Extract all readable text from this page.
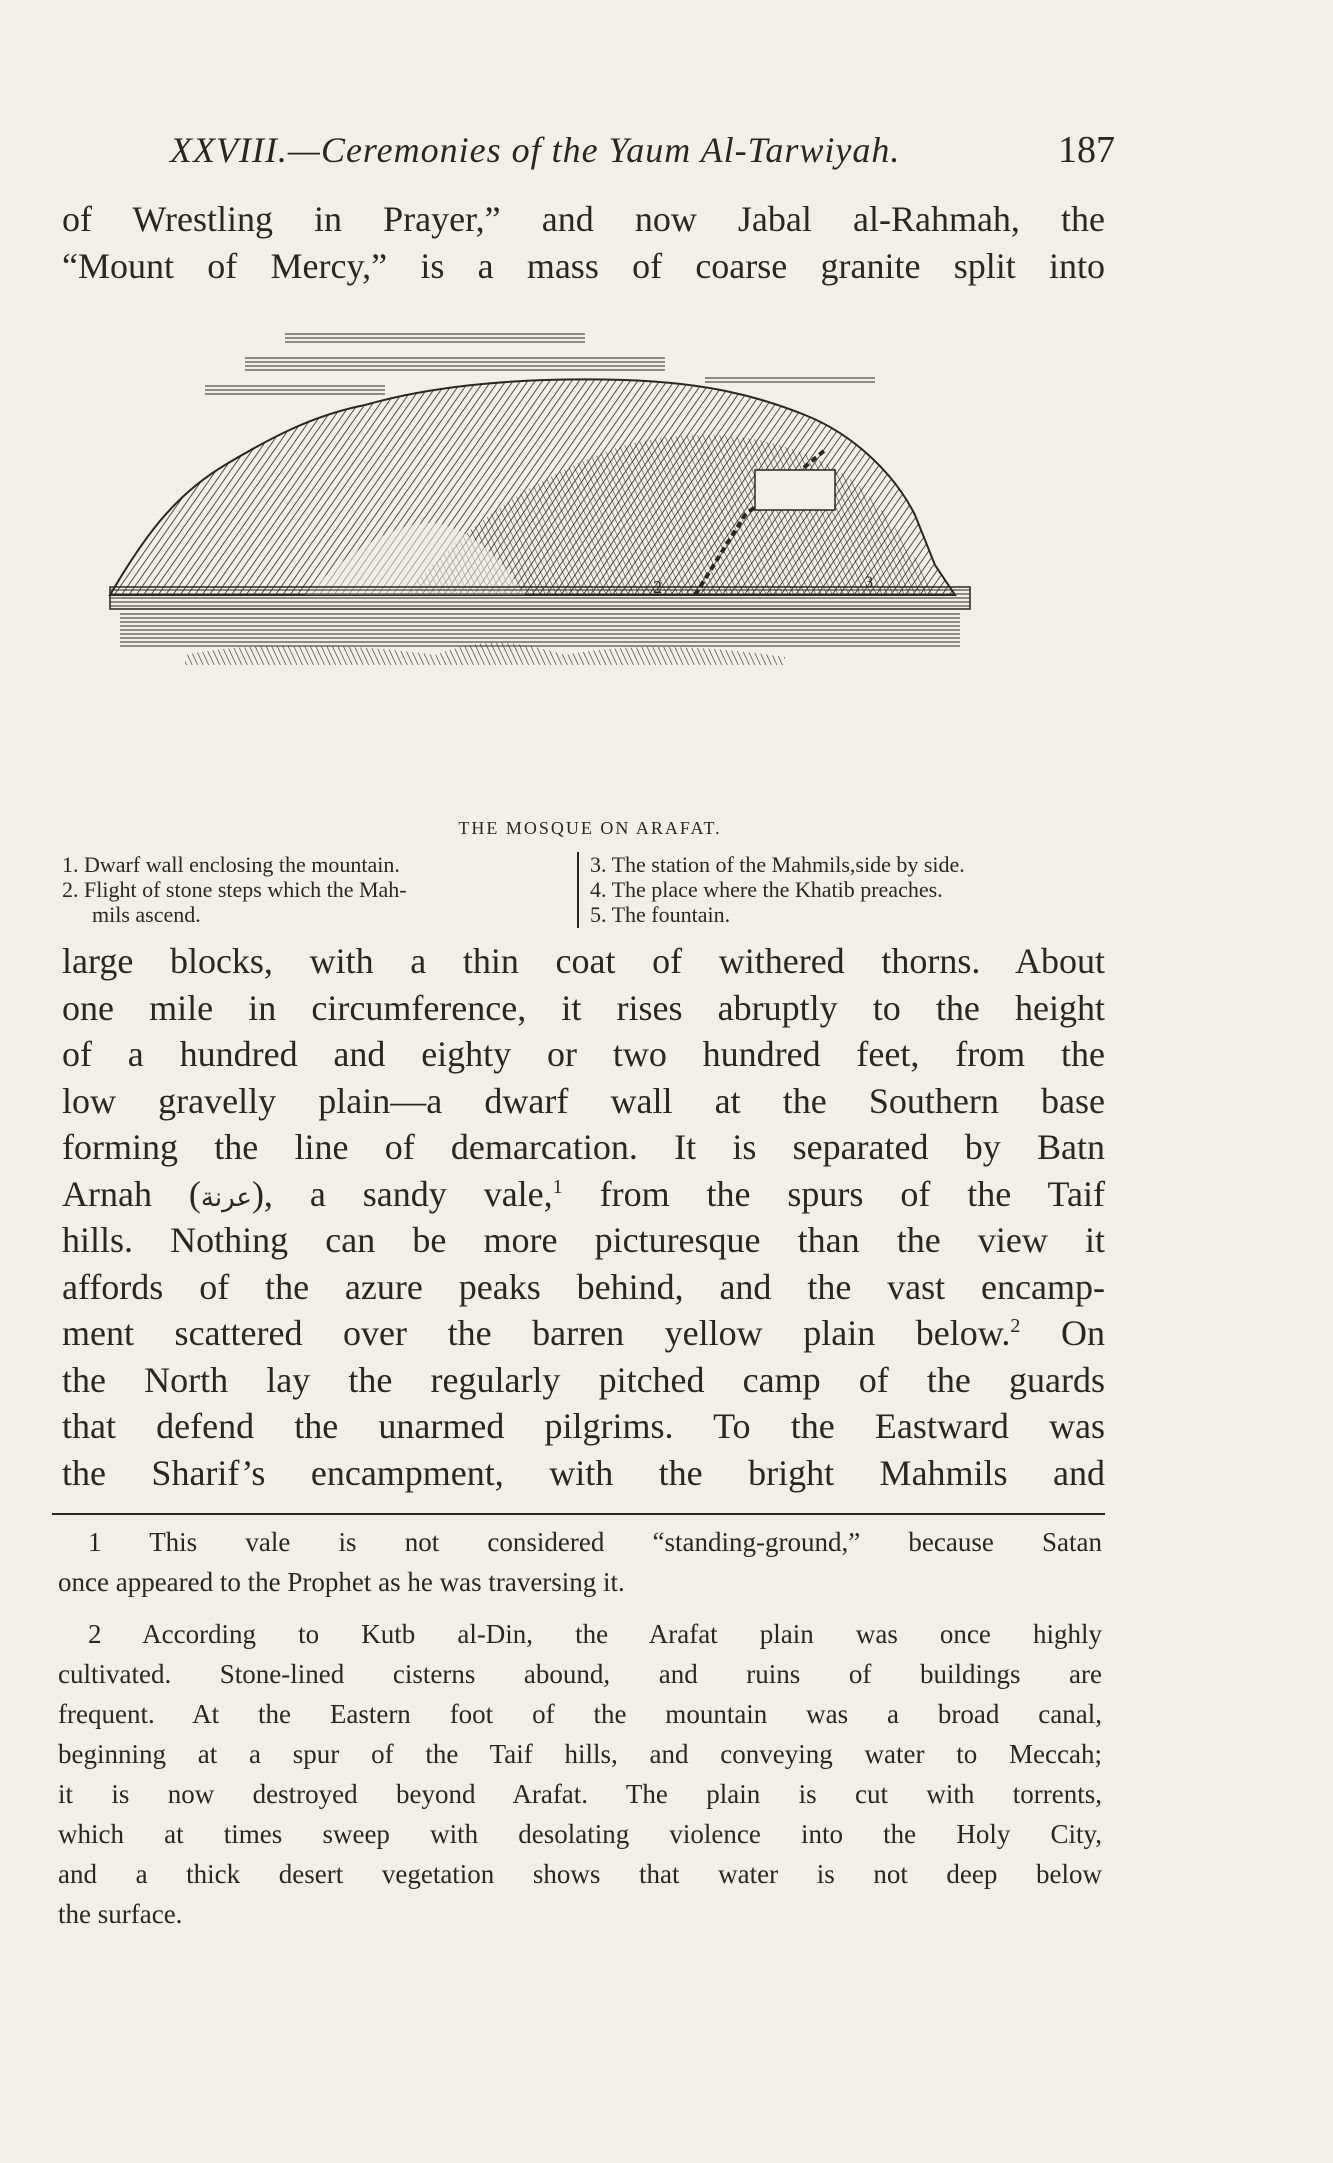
XXVIII.—Ceremonies of the Yaum Al-Tarwiyah.	187
of Wrestling in Prayer,” and now Jabal al-Rahmah, the
“Mount of Mercy,” is a mass of coarse granite split into
2	3
THE MOSQUE ON ARAFAT.
1. Dwarf wall enclosing the mountain.
2. Flight of stone steps which the Mah-
mils ascend.
3. The station of the Mahmils,side by side.
4. The place where the Khatib preaches.
5. The fountain.
large blocks, with a thin coat of withered thorns. About
one mile in circumference, it rises abruptly to the height
of a hundred and eighty or two hundred feet, from the
low gravelly plain—a dwarf wall at the Southern base
forming the line of demarcation. It is separated by Batn
Arnah (عرنة), a sandy vale,$^1$ from the spurs of the Taif
hills. Nothing can be more picturesque than the view it
affords of the azure peaks behind, and the vast encamp-
ment scattered over the barren yellow plain below.$^2$ On
the North lay the regularly pitched camp of the guards
that defend the unarmed pilgrims. To the Eastward was
the Sharif’s encampment, with the bright Mahmils and
1 This vale is not considered “standing-ground,” because Satan
once appeared to the Prophet as he was traversing it.
2 According to Kutb al-Din, the Arafat plain was once highly
cultivated. Stone-lined cisterns abound, and ruins of buildings are
frequent. At the Eastern foot of the mountain was a broad canal,
beginning at a spur of the Taif hills, and conveying water to Meccah;
it is now destroyed beyond Arafat. The plain is cut with torrents,
which at times sweep with desolating violence into the Holy City,
and a thick desert vegetation shows that water is not deep below
the surface.
